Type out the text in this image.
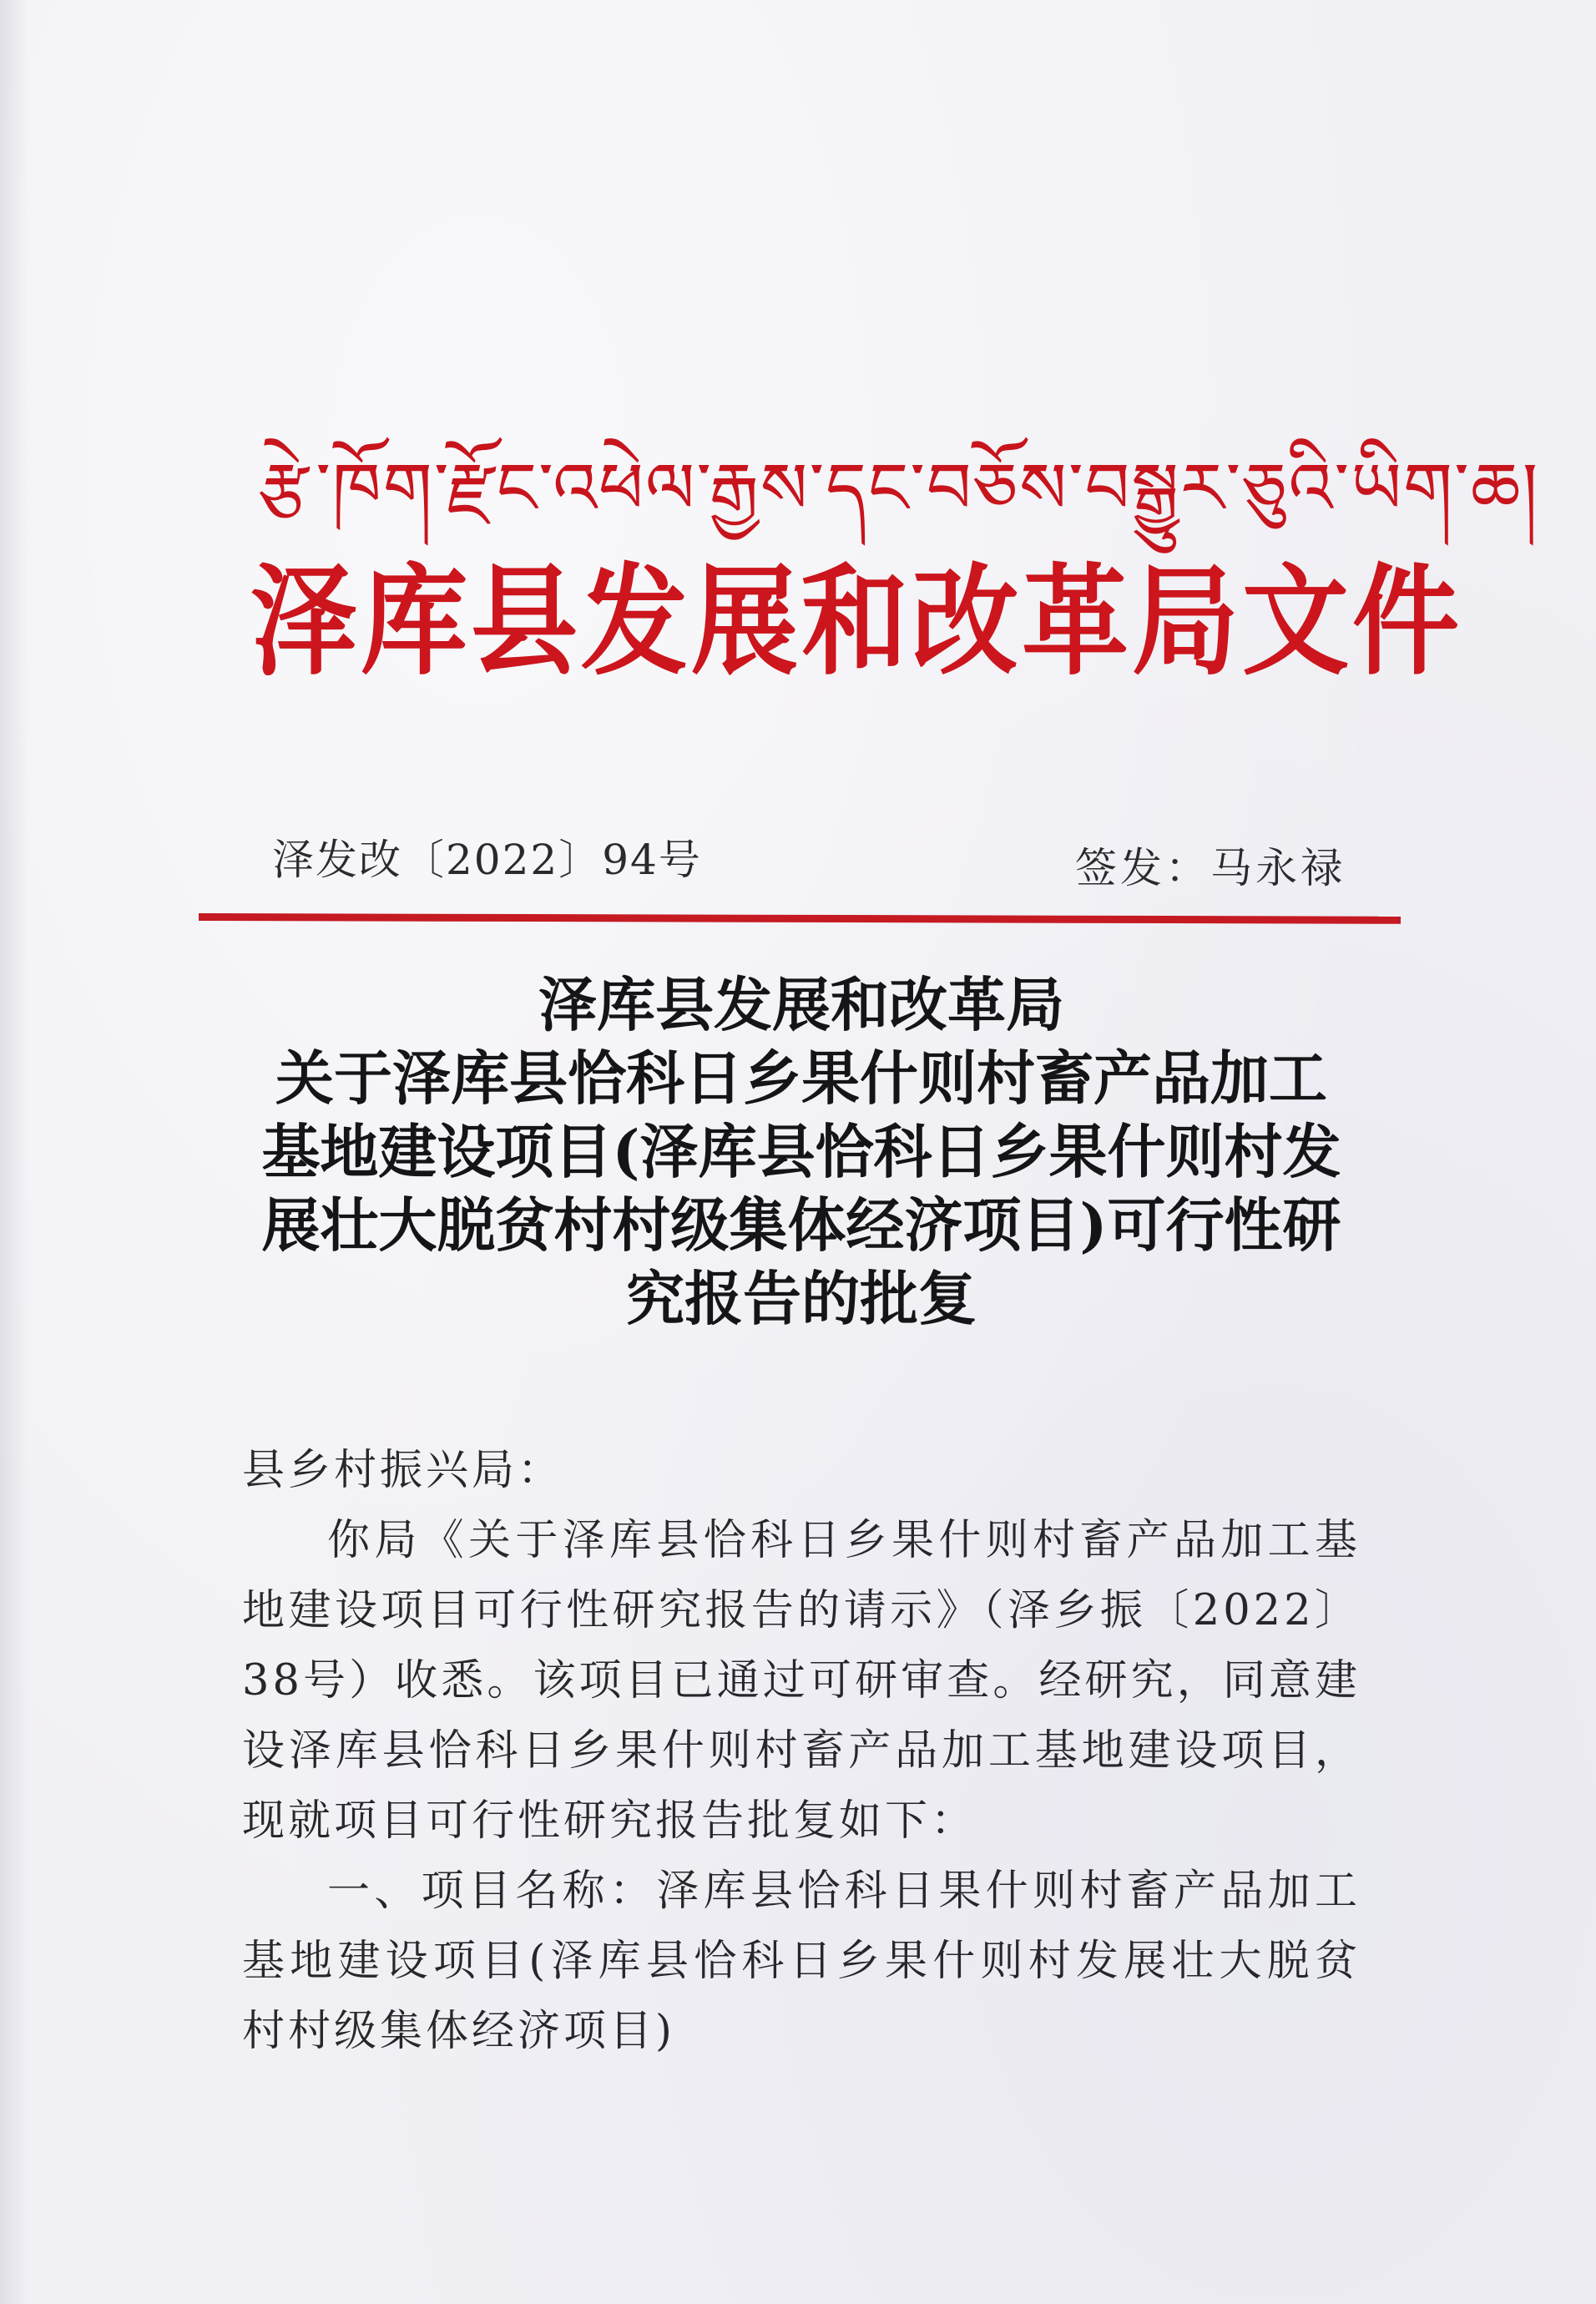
རྩེ་ཁོག་རྫོང་འཕེལ་རྒྱས་དང་བཅོས་བསྒྱུར་ཅུའི་ཡིག་ཆ།
泽库县发展和改革局文件
泽发改〔2022〕94号	签发：马永禄
泽库县发展和改革局
关于泽库县恰科日乡果什则村畜产品加工
基地建设项目(泽库县恰科日乡果什则村发
展壮大脱贫村村级集体经济项目)可行性研
究报告的批复

县乡村振兴局：

你局《关于泽库县恰科日乡果什则村畜产品加工基地建设项目可行性研究报告的请示》（泽乡振〔2022〕38号）收悉。该项目已通过可研审查。经研究，同意建设泽库县恰科日乡果什则村畜产品加工基地建设项目，现就项目可行性研究报告批复如下：

一、项目名称：泽库县恰科日果什则村畜产品加工基地建设项目(泽库县恰科日乡果什则村发展壮大脱贫村村级集体经济项目)
